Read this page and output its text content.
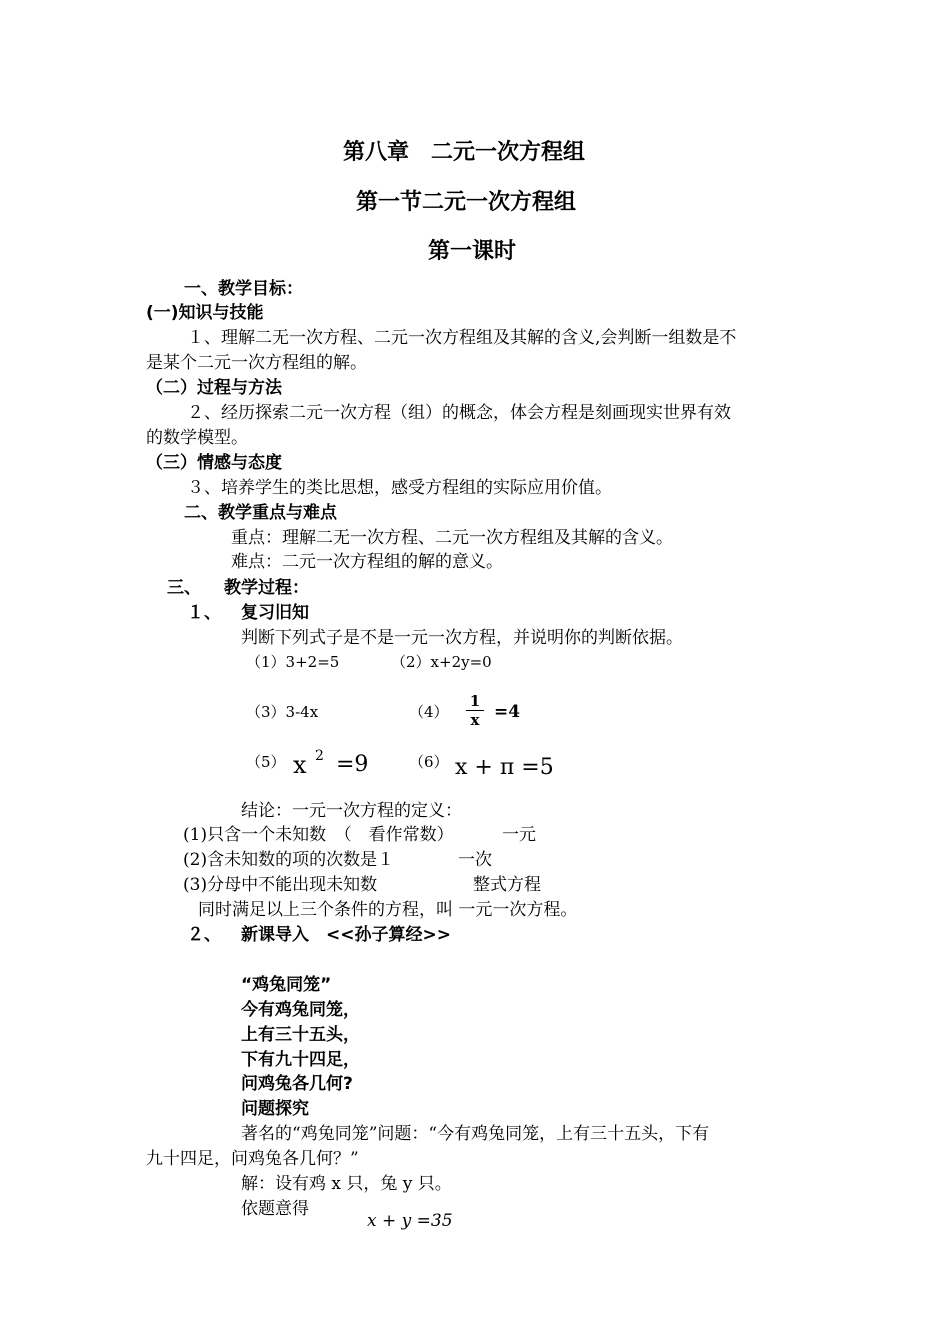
第八章　二元一次方程组
第一节二元一次方程组
第一课时
一、教学目标：
(一)知识与技能
１、理解二无一次方程、二元一次方程组及其解的含义,会判断一组数是不
是某个二元一次方程组的解。
（二）过程与方法
２、经历探索二元一次方程（组）的概念，体会方程是刻画现实世界有效
的数学模型。
（三）情感与态度
３、培养学生的类比思想，感受方程组的实际应用价值。
二、教学重点与难点
重点：理解二无一次方程、二元一次方程组及其解的含义。
难点：二元一次方程组的解的意义。
三、 教学过程：
１、 复习旧知
判断下列式子是不是一元一次方程，并说明你的判断依据。
（1）3+2=5	（2）x+2y=0
（3）3-4x	（4）
1
x =4
（5） x 2 =9	（6） x + π =5
结论：一元一次方程的定义：
(1)只含一个未知数　（　看作常数）	一元
(2)含未知数的项的次数是１	一次
(3)分母中不能出现未知数	整式方程
同时满足以上三个条件的方程，叫 一元一次方程。
２、 新课导入　<<孙子算经>>
“鸡兔同笼”
今有鸡兔同笼，
上有三十五头，
下有九十四足，
问鸡兔各几何?
问题探究
著名的“鸡兔同笼”问题：“今有鸡兔同笼，上有三十五头，下有
九十四足，问鸡兔各几何？”
解：设有鸡 x 只，兔 y 只。
依题意得
x + y =35
